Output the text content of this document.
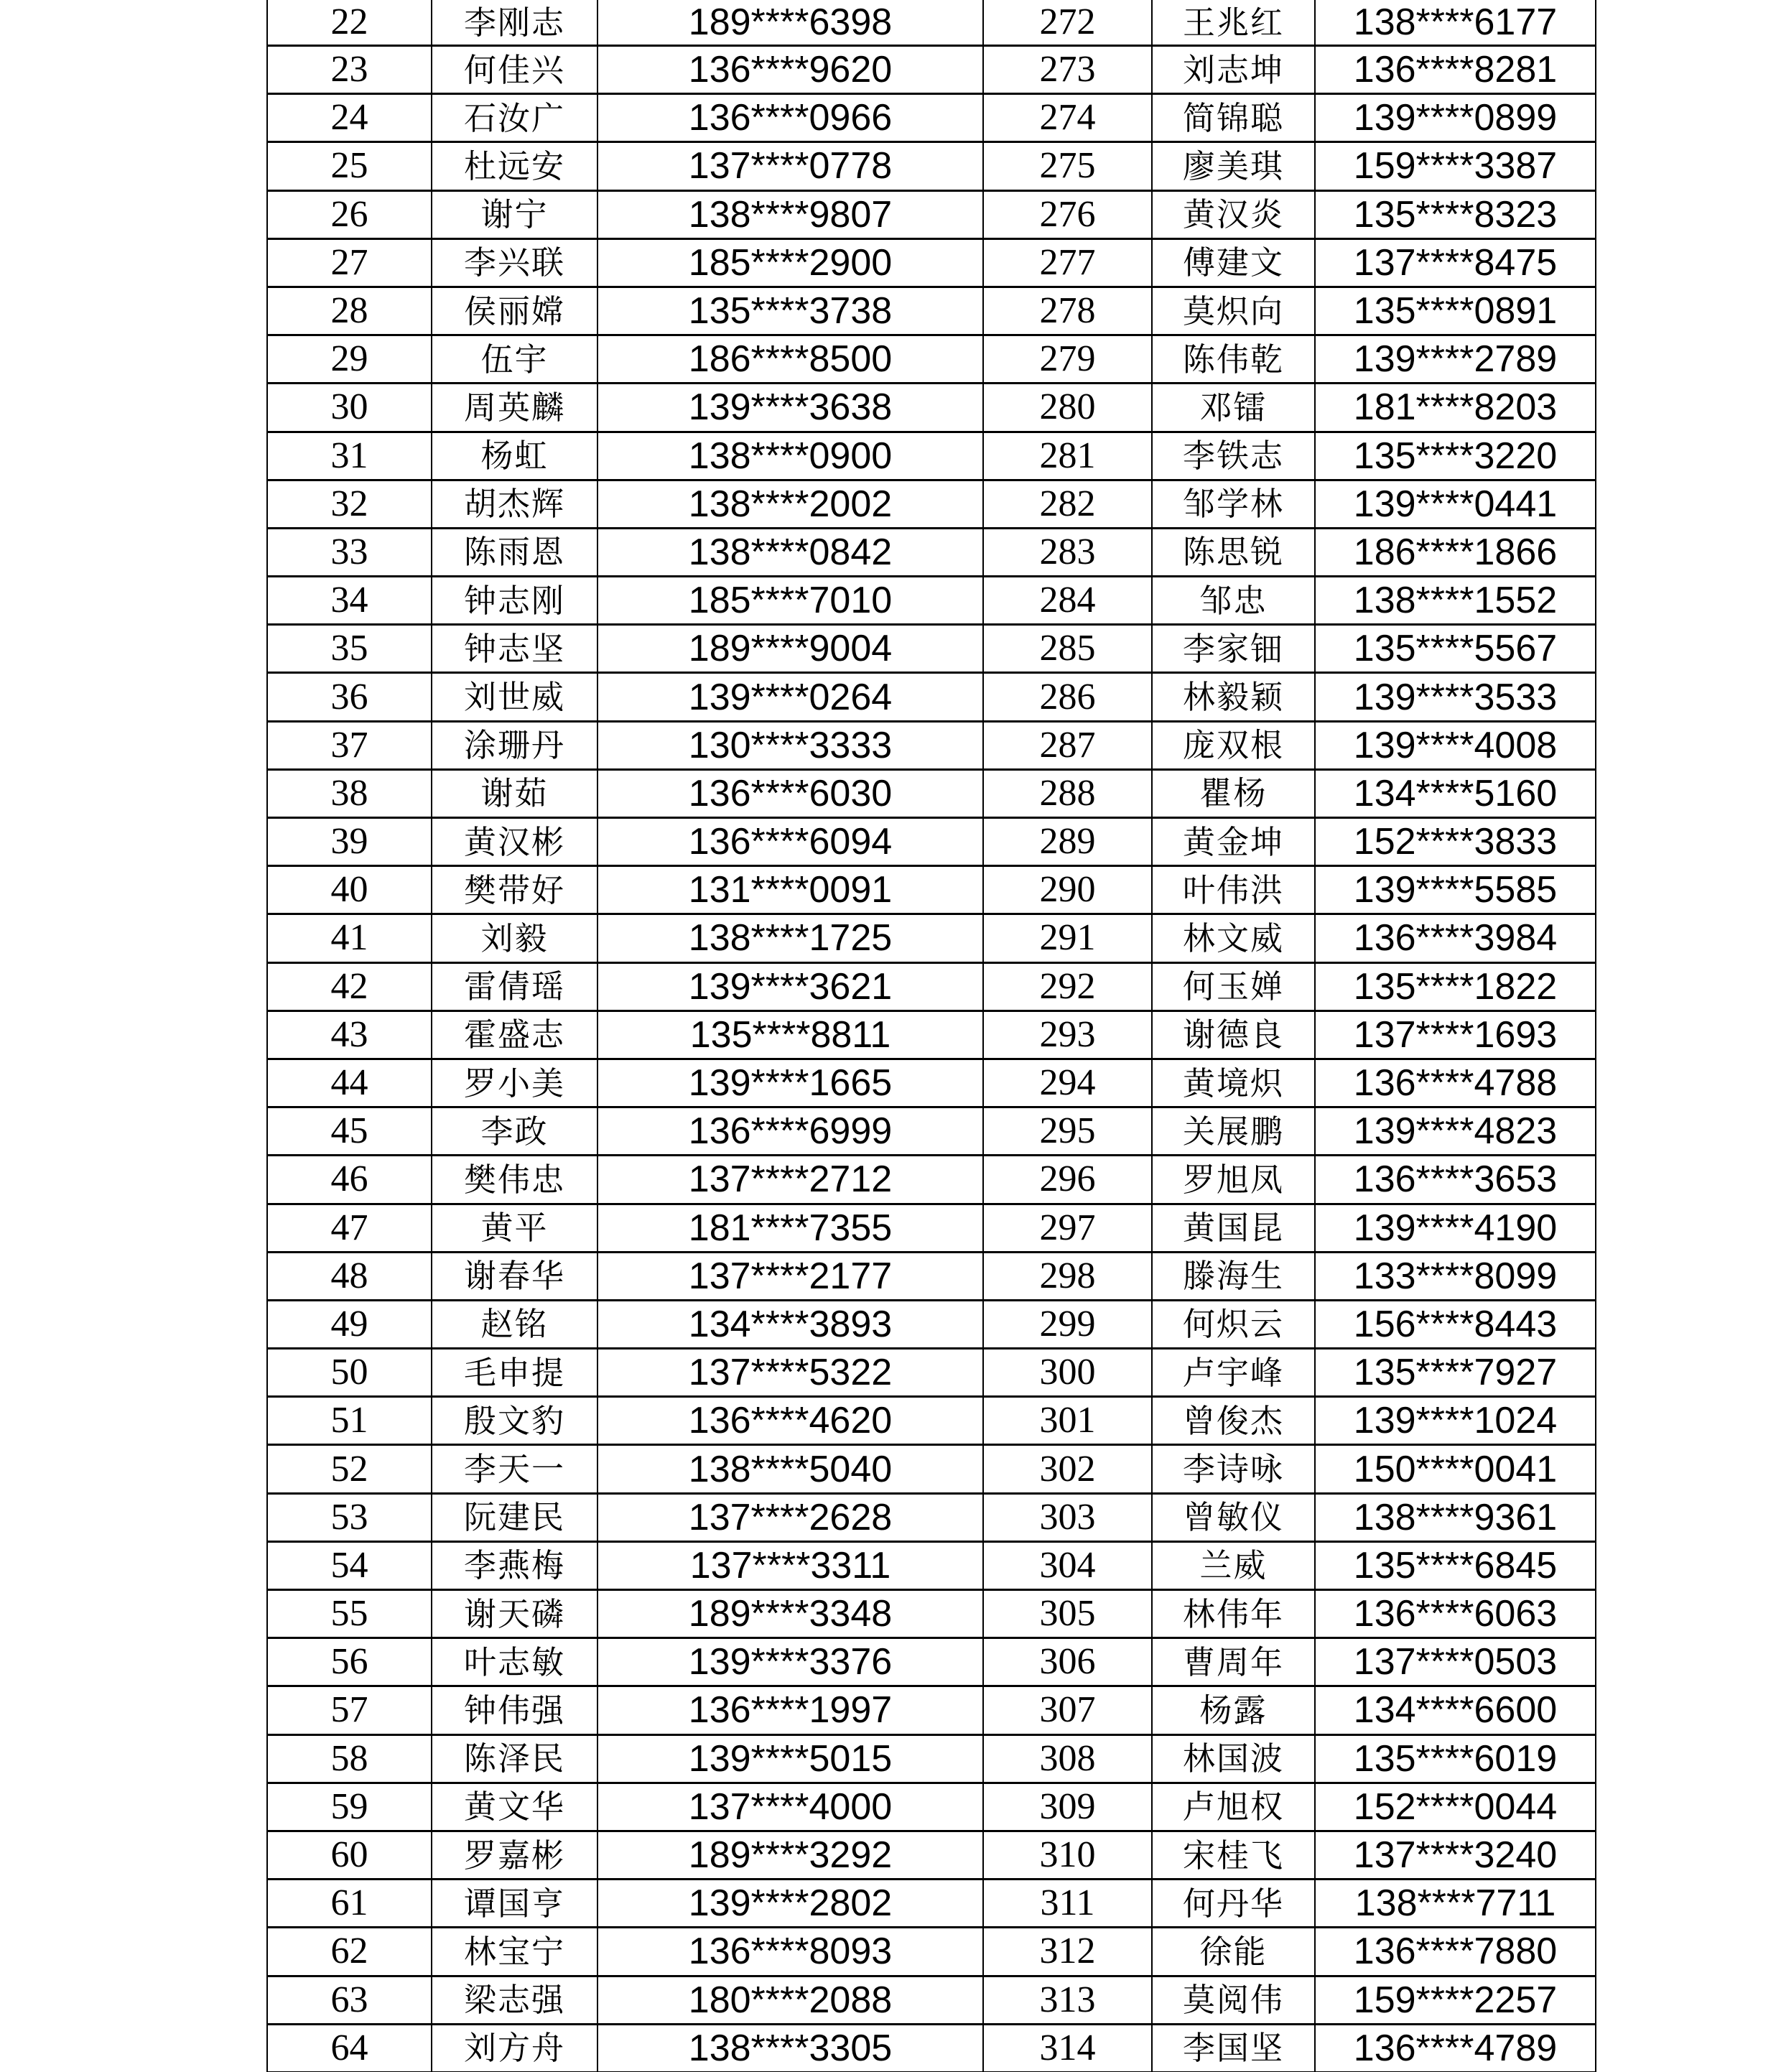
22	李刚志	189****6398	272	王兆红	138****6177
23	何佳兴	136****9620	273	刘志坤	136****8281
24	石汝广	136****0966	274	简锦聪	139****0899
25	杜远安	137****0778	275	廖美琪	159****3387
26	谢宁	138****9807	276	黄汉炎	135****8323
27	李兴联	185****2900	277	傅建文	137****8475
28	侯丽嫦	135****3738	278	莫炽向	135****0891
29	伍宇	186****8500	279	陈伟乾	139****2789
30	周英麟	139****3638	280	邓镭	181****8203
31	杨虹	138****0900	281	李铁志	135****3220
32	胡杰辉	138****2002	282	邹学林	139****0441
33	陈雨恩	138****0842	283	陈思锐	186****1866
34	钟志刚	185****7010	284	邹忠	138****1552
35	钟志坚	189****9004	285	李家钿	135****5567
36	刘世威	139****0264	286	林毅颖	139****3533
37	涂珊丹	130****3333	287	庞双根	139****4008
38	谢茹	136****6030	288	瞿杨	134****5160
39	黄汉彬	136****6094	289	黄金坤	152****3833
40	樊带好	131****0091	290	叶伟洪	139****5585
41	刘毅	138****1725	291	林文威	136****3984
42	雷倩瑶	139****3621	292	何玉婵	135****1822
43	霍盛志	135****8811	293	谢德良	137****1693
44	罗小美	139****1665	294	黄境炽	136****4788
45	李政	136****6999	295	关展鹏	139****4823
46	樊伟忠	137****2712	296	罗旭凤	136****3653
47	黄平	181****7355	297	黄国昆	139****4190
48	谢春华	137****2177	298	滕海生	133****8099
49	赵铭	134****3893	299	何炽云	156****8443
50	毛申提	137****5322	300	卢宇峰	135****7927
51	殷文豹	136****4620	301	曾俊杰	139****1024
52	李天一	138****5040	302	李诗咏	150****0041
53	阮建民	137****2628	303	曾敏仪	138****9361
54	李燕梅	137****3311	304	兰威	135****6845
55	谢天磷	189****3348	305	林伟年	136****6063
56	叶志敏	139****3376	306	曹周年	137****0503
57	钟伟强	136****1997	307	杨露	134****6600
58	陈泽民	139****5015	308	林国波	135****6019
59	黄文华	137****4000	309	卢旭权	152****0044
60	罗嘉彬	189****3292	310	宋桂飞	137****3240
61	谭国亨	139****2802	311	何丹华	138****7711
62	林宝宁	136****8093	312	徐能	136****7880
63	梁志强	180****2088	313	莫阅伟	159****2257
64	刘方舟	138****3305	314	李国坚	136****4789
